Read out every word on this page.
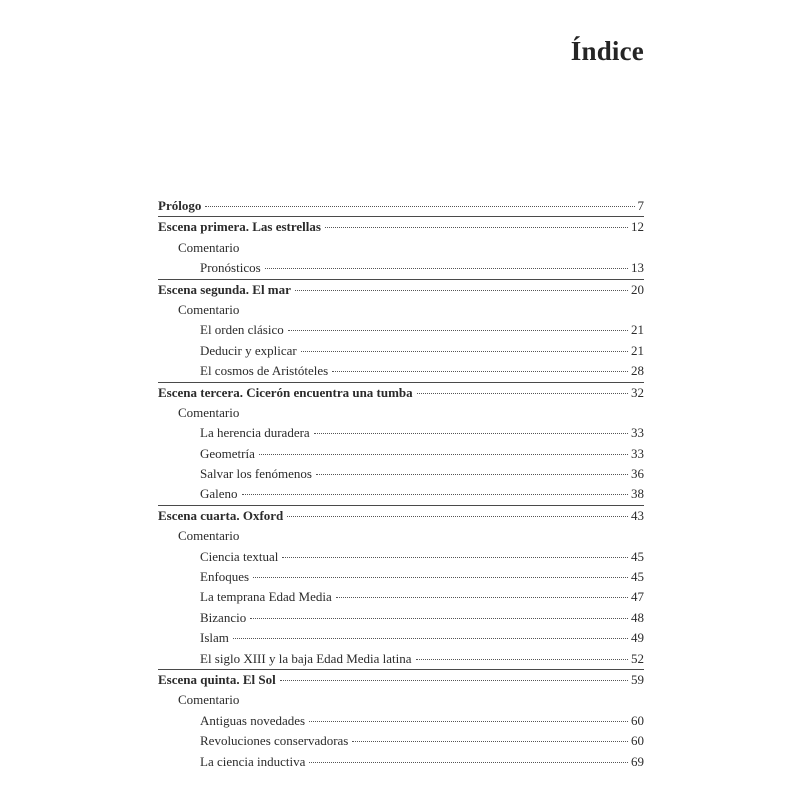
Índice
Prólogo	7
Escena primera. Las estrellas	12
Comentario
Pronósticos	13
Escena segunda. El mar	20
Comentario
El orden clásico	21
Deducir y explicar	21
El cosmos de Aristóteles	28
Escena tercera. Cicerón encuentra una tumba	32
Comentario
La herencia duradera	33
Geometría	33
Salvar los fenómenos	36
Galeno	38
Escena cuarta. Oxford	43
Comentario
Ciencia textual	45
Enfoques	45
La temprana Edad Media	47
Bizancio	48
Islam	49
El siglo XIII y la baja Edad Media latina	52
Escena quinta. El Sol	59
Comentario
Antiguas novedades	60
Revoluciones conservadoras	60
La ciencia inductiva	69
